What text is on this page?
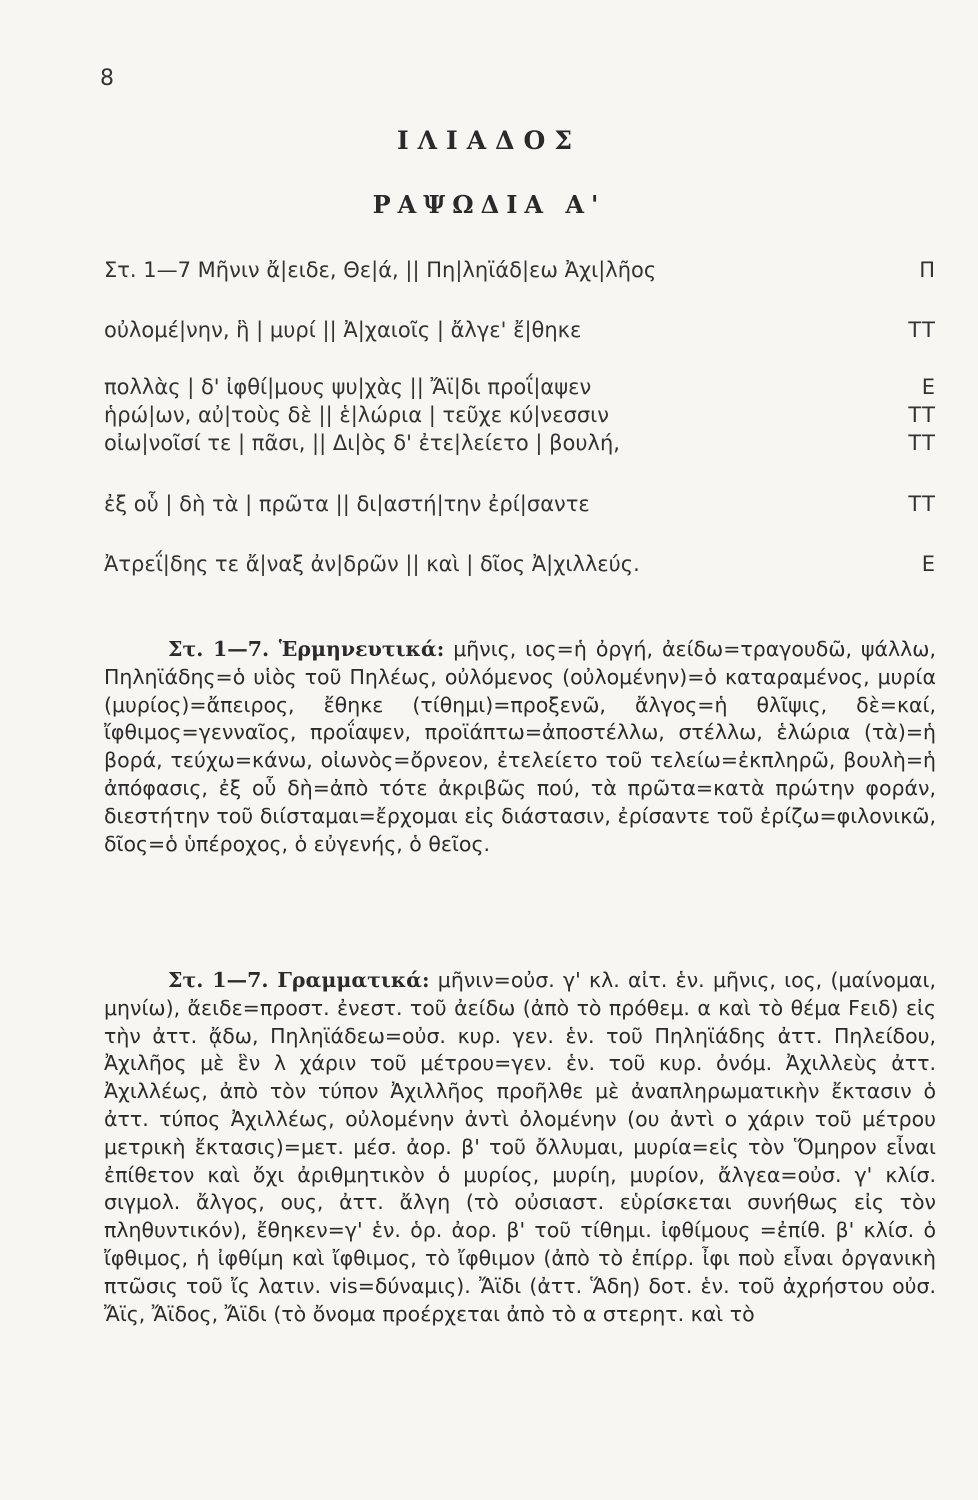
8
ΙΛΙΑΔΟΣ
ΡΑΨΩΔΙΑ Α'
Στ. 1—7 Μῆνιν ἄ|ειδε, Θε|ά, || Πη|ληϊάδ|εω Ἀχι|λῆος	Π
οὐλομέ|νην, ἣ | μυρί || Ἀ|χαιοῖς | ἄλγε' ἔ|θηκε	ΤΤ
πολλὰς | δ' ἰφθί|μους ψυ|χὰς || Ἄϊ|δι προΐ|αψεν	Ε
ἡρώ|ων, αὐ|τοὺς δὲ || ἑ|λώρια | τεῦχε κύ|νεσσιν	ΤΤ
οἰω|νοῖσί τε | πᾶσι, || Δι|ὸς δ' ἐτε|λείετο | βουλή,	ΤΤ
ἐξ οὗ | δὴ τὰ | πρῶτα || δι|αστή|την ἐρί|σαντε	ΤΤ
Ἀτρεΐ|δης τε ἄ|ναξ ἀν|δρῶν || καὶ | δῖος Ἀ|χιλλεύς.	Ε

Στ. 1—7. Ἑρμηνευτικά: μῆνις, ιος=ἡ ὀργή, ἀείδω=τραγουδῶ, ψάλλω, Πηληϊάδης=ὁ υἱὸς τοῦ Πηλέως, οὐλόμενος (οὐλομένην)=ὁ καταραμένος, μυρία (μυρίος)=ἄπειρος, ἔθηκε (τίθημι)=προξενῶ, ἄλγος=ἡ θλῖψις, δὲ=καί, ἴφθιμος=γενναῖος, προΐαψεν, προϊάπτω=ἀποστέλλω, στέλλω, ἑλώρια (τὰ)=ἡ βορά, τεύχω=κάνω, οἰωνὸς=ὄρνεον, ἐτελείετο τοῦ τελείω=ἐκπληρῶ, βουλὴ=ἡ ἀπόφασις, ἐξ οὗ δὴ=ἀπὸ τότε ἀκριβῶς πού, τὰ πρῶτα=κατὰ πρώτην φοράν, διεστήτην τοῦ διίσταμαι=ἔρχομαι εἰς διάστασιν, ἐρίσαντε τοῦ ἐρίζω=φιλονικῶ, δῖος=ὁ ὑπέροχος, ὁ εὐγενής, ὁ θεῖος.

Στ. 1—7. Γραμματικά: μῆνιν=οὐσ. γ' κλ. αἰτ. ἑν. μῆνις, ιος, (μαίνομαι, μηνίω), ἄειδε=προστ. ἐνεστ. τοῦ ἀείδω (ἀπὸ τὸ πρόθεμ. α καὶ τὸ θέμα Fειδ) εἰς τὴν ἀττ. ᾄδω, Πηληϊάδεω=οὐσ. κυρ. γεν. ἑν. τοῦ Πηληϊάδης ἀττ. Πηλείδου, Ἀχιλῆος μὲ ἓν λ χάριν τοῦ μέτρου=γεν. ἑν. τοῦ κυρ. ὀνόμ. Ἀχιλλεὺς ἀττ. Ἀχιλλέως, ἀπὸ τὸν τύπον Ἀχιλλῆος προῆλθε μὲ ἀναπληρωματικὴν ἔκτασιν ὁ ἀττ. τύπος Ἀχιλλέως, οὐλομένην ἀντὶ ὀλομένην (ου ἀντὶ ο χάριν τοῦ μέτρου μετρικὴ ἔκτασις)=μετ. μέσ. ἀορ. β' τοῦ ὄλλυμαι, μυρία=εἰς τὸν Ὅμηρον εἶναι ἐπίθετον καὶ ὄχι ἀριθμητικὸν ὁ μυρίος, μυρίη, μυρίον, ἄλγεα=οὐσ. γ' κλίσ. σιγμολ. ἄλγος, ους, ἀττ. ἄλγη (τὸ οὐσιαστ. εὑρίσκεται συνήθως εἰς τὸν πληθυντικόν), ἔθηκεν=γ' ἑν. ὁρ. ἀορ. β' τοῦ τίθημι. ἰφθίμους =ἐπίθ. β' κλίσ. ὁ ἴφθιμος, ἡ ἰφθίμη καὶ ἴφθιμος, τὸ ἴφθιμον (ἀπὸ τὸ ἐπίρρ. ἶφι ποὺ εἶναι ὀργανικὴ πτῶσις τοῦ ἴς λατιν. vis=δύναμις). Ἄϊδι (ἀττ. Ἅδη) δοτ. ἑν. τοῦ ἀχρήστου οὐσ. Ἄϊς, Ἄϊδος, Ἄϊδι (τὸ ὄνομα προέρχεται ἀπὸ τὸ α στερητ. καὶ τὸ
